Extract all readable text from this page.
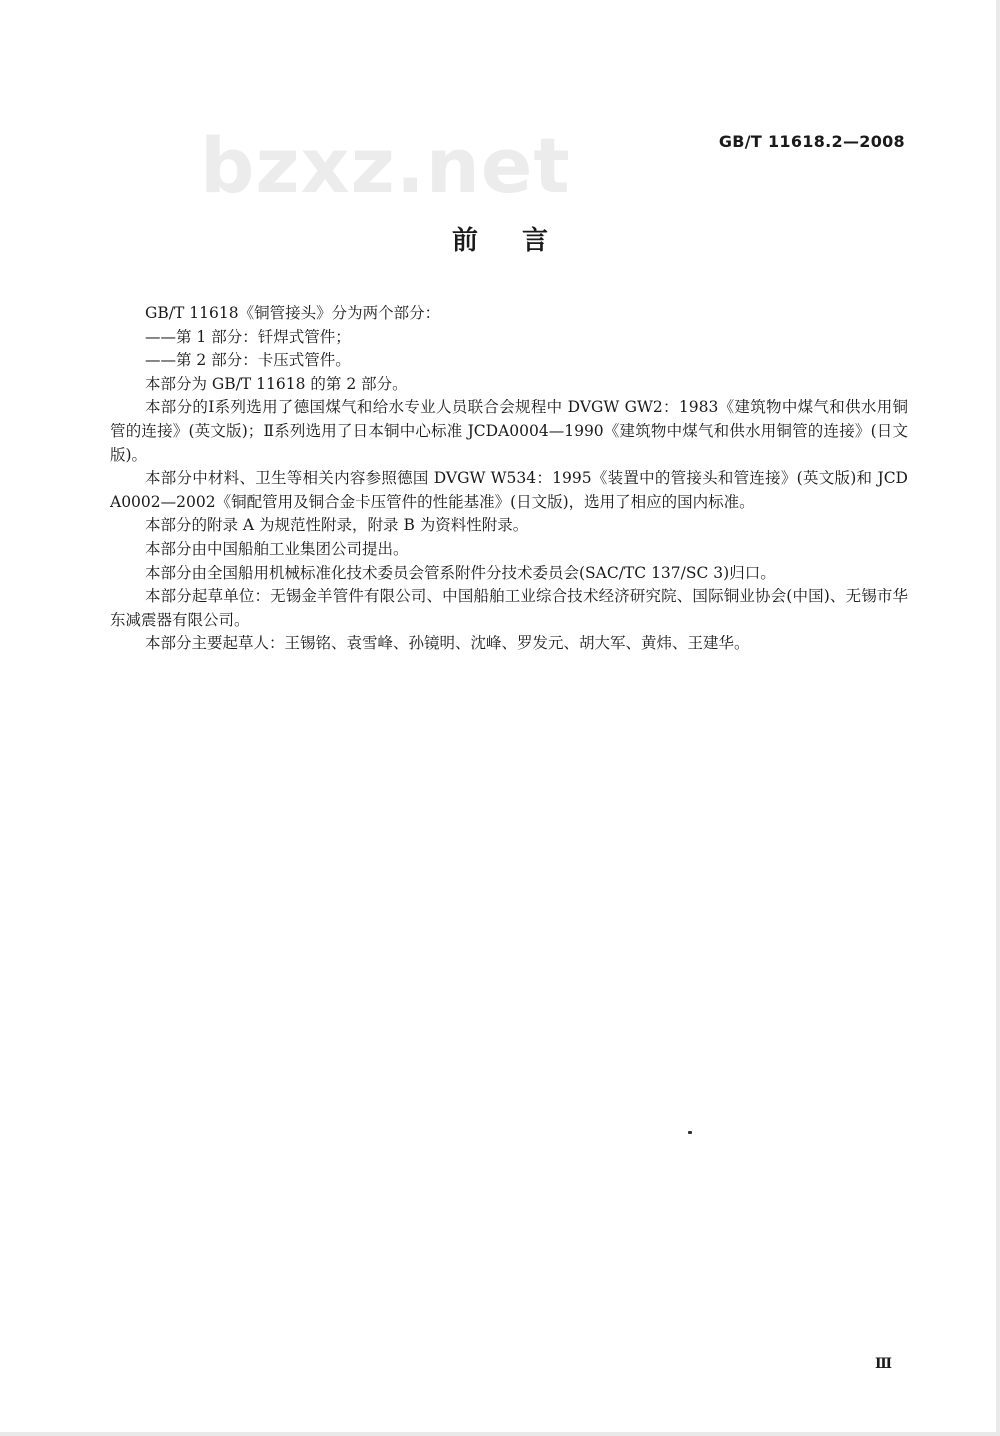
bzxz.net	GB/T 11618.2—2008
前言

GB/T 11618《铜管接头》分为两个部分：

——第 1 部分：钎焊式管件；

——第 2 部分：卡压式管件。

本部分为 GB/T 11618 的第 2 部分。

本部分的Ⅰ系列选用了德国煤气和给水专业人员联合会规程中 DVGW GW2：1983《建筑物中煤气和供水用铜管的连接》(英文版)；Ⅱ系列选用了日本铜中心标准 JCDA0004—1990《建筑物中煤气和供水用铜管的连接》(日文版)。

本部分中材料、卫生等相关内容参照德国 DVGW W534：1995《装置中的管接头和管连接》(英文版)和 JCDA0002—2002《铜配管用及铜合金卡压管件的性能基准》(日文版)，选用了相应的国内标准。

本部分的附录 A 为规范性附录，附录 B 为资料性附录。

本部分由中国船舶工业集团公司提出。

本部分由全国船用机械标准化技术委员会管系附件分技术委员会(SAC/TC 137/SC 3)归口。

本部分起草单位：无锡金羊管件有限公司、中国船舶工业综合技术经济研究院、国际铜业协会(中国)、无锡市华东减震器有限公司。

本部分主要起草人：王锡铭、袁雪峰、孙镜明、沈峰、罗发元、胡大军、黄炜、王建华。

Ⅲ
